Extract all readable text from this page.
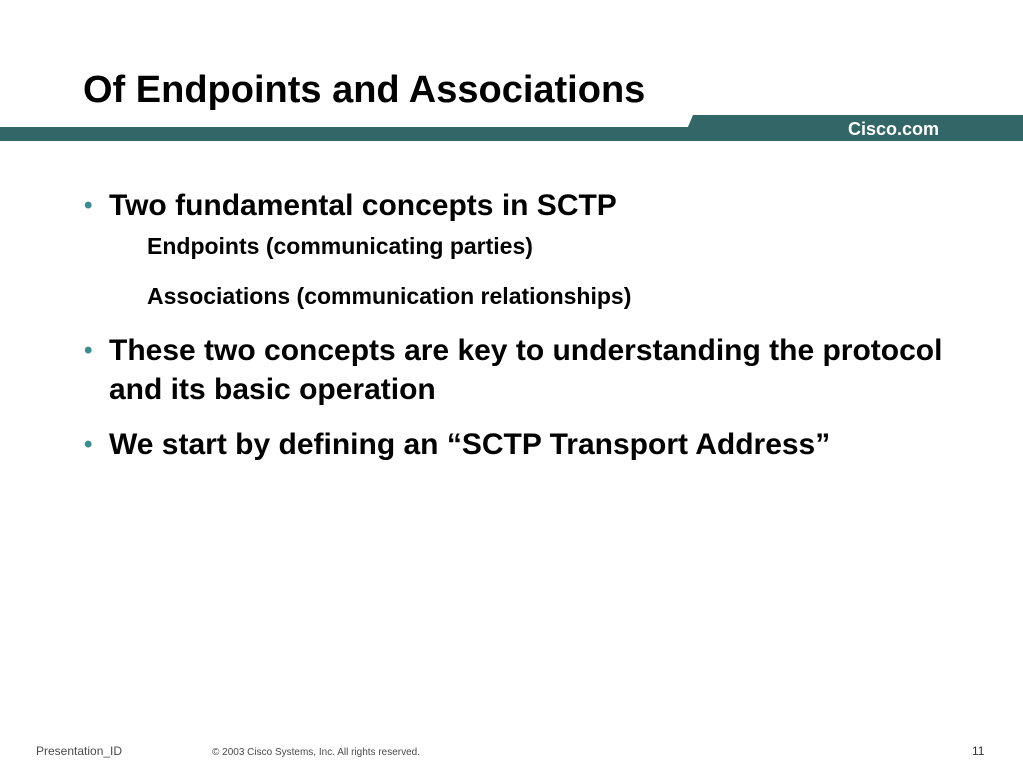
Of Endpoints and Associations
Cisco.com
• Two fundamental concepts in SCTP
Endpoints (communicating parties)
Associations (communication relationships)
• These two concepts are key to understanding the protocol and its basic operation
• We start by defining an “SCTP Transport Address”
Presentation_ID	© 2003 Cisco Systems, Inc. All rights reserved.	11
